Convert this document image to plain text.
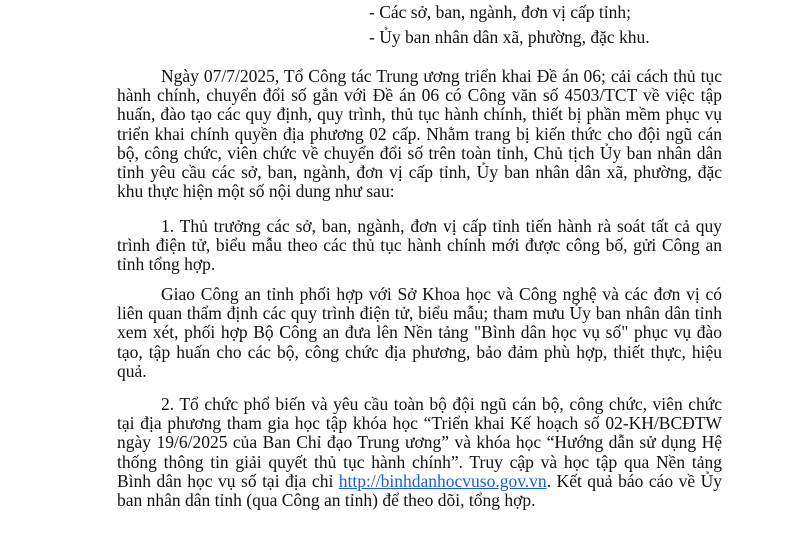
- Các sở, ban, ngành, đơn vị cấp tỉnh;
- Ủy ban nhân dân xã, phường, đặc khu.
Ngày 07/7/2025, Tổ Công tác Trung ương triển khai Đề án 06; cải cách thủ tục hành chính, chuyển đổi số gắn với Đề án 06 có Công văn số 4503/TCT về việc tập huấn, đào tạo các quy định, quy trình, thủ tục hành chính, thiết bị phần mềm phục vụ triển khai chính quyền địa phương 02 cấp. Nhằm trang bị kiến thức cho đội ngũ cán bộ, công chức, viên chức về chuyển đổi số trên toàn tỉnh, Chủ tịch Ủy ban nhân dân tỉnh yêu cầu các sở, ban, ngành, đơn vị cấp tỉnh, Ủy ban nhân dân xã, phường, đặc khu thực hiện một số nội dung như sau:
1. Thủ trưởng các sở, ban, ngành, đơn vị cấp tỉnh tiến hành rà soát tất cả quy trình điện tử, biểu mẫu theo các thủ tục hành chính mới được công bố, gửi Công an tỉnh tổng hợp.
Giao Công an tỉnh phối hợp với Sở Khoa học và Công nghệ và các đơn vị có liên quan thẩm định các quy trình điện tử, biểu mẫu; tham mưu Ủy ban nhân dân tỉnh xem xét, phối hợp Bộ Công an đưa lên Nền tảng "Bình dân học vụ số" phục vụ đào tạo, tập huấn cho các bộ, công chức địa phương, bảo đảm phù hợp, thiết thực, hiệu quả.
2. Tổ chức phổ biến và yêu cầu toàn bộ đội ngũ cán bộ, công chức, viên chức tại địa phương tham gia học tập khóa học “Triển khai Kế hoạch số 02-KH/BCĐTW ngày 19/6/2025 của Ban Chỉ đạo Trung ương” và khóa học “Hướng dẫn sử dụng Hệ thống thông tin giải quyết thủ tục hành chính”. Truy cập và học tập qua Nền tảng Bình dân học vụ số tại địa chỉ http://binhdanhocvuso.gov.vn. Kết quả báo cáo về Ủy ban nhân dân tỉnh (qua Công an tỉnh) để theo dõi, tổng hợp.
